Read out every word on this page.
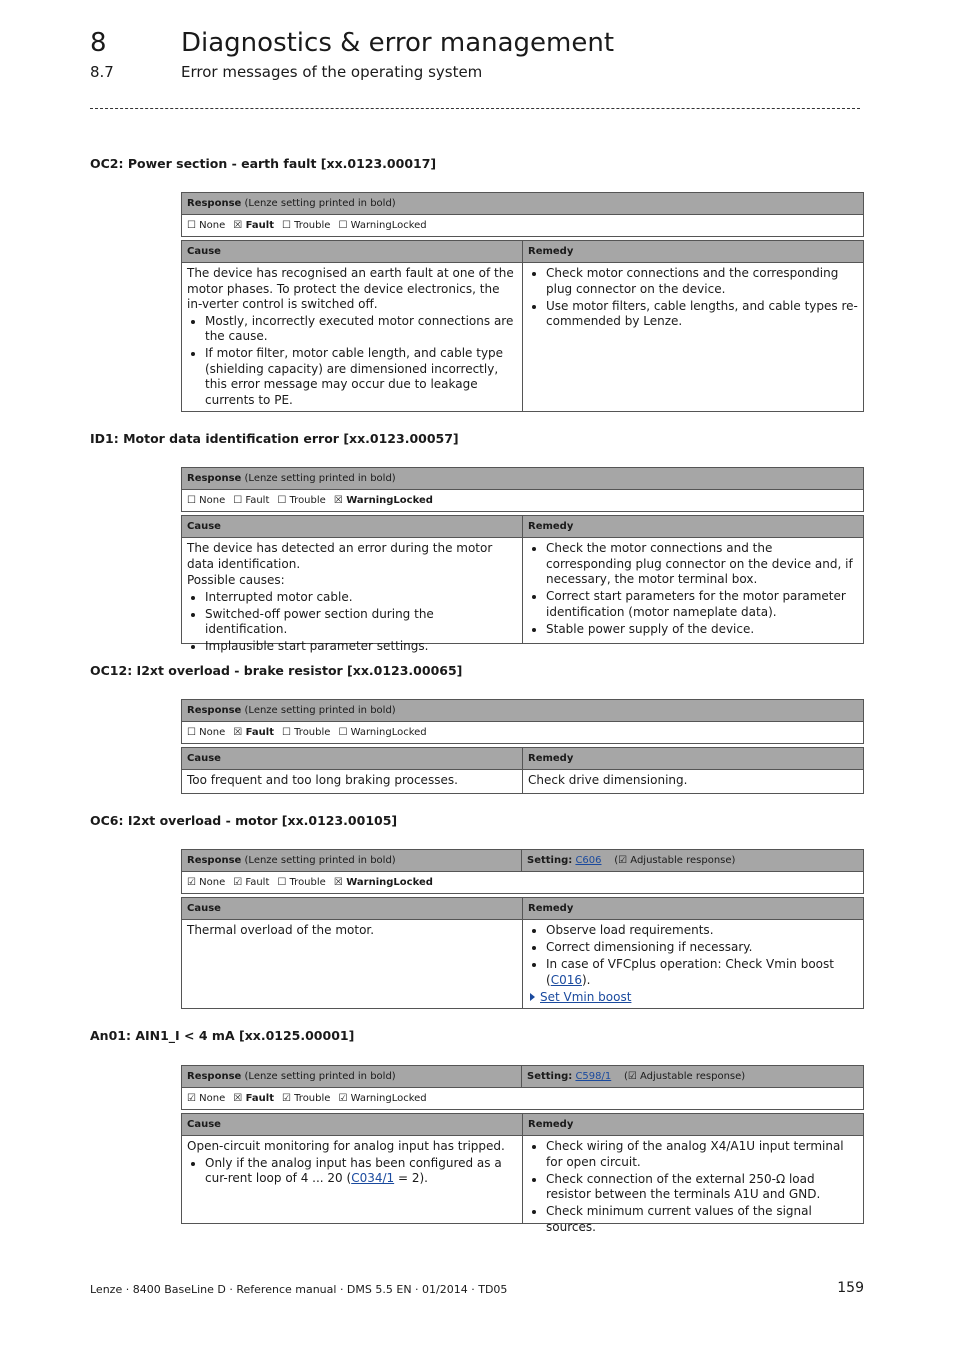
8	Diagnostics & error management
8.7	Error messages of the operating system
OC2: Power section - earth fault [xx.0123.00017]
Response (Lenze setting printed in bold)
☐ None ☒ Fault ☐ Trouble ☐ WarningLocked
Cause	Remedy

The device has recognised an earth fault at one of the motor phases. To protect the device electronics, the in-verter control is switched off.

• Mostly, incorrectly executed motor connections are the cause.
• If motor filter, motor cable length, and cable type (shielding capacity) are dimensioned incorrectly, this error message may occur due to leakage currents to PE.
• Check motor connections and the corresponding plug connector on the device.
• Use motor filters, cable lengths, and cable types re-commended by Lenze.
ID1: Motor data identification error [xx.0123.00057]
Response (Lenze setting printed in bold)
☐ None ☐ Fault ☐ Trouble ☒ WarningLocked
Cause	Remedy

The device has detected an error during the motor data identification.

Possible causes:

• Interrupted motor cable.
• Switched-off power section during the identification.
• Implausible start parameter settings.
• Check the motor connections and the corresponding plug connector on the device and, if necessary, the motor terminal box.
• Correct start parameters for the motor parameter identification (motor nameplate data).
• Stable power supply of the device.
OC12: I2xt overload - brake resistor [xx.0123.00065]
Response (Lenze setting printed in bold)
☐ None ☒ Fault ☐ Trouble ☐ WarningLocked
Cause	Remedy

Too frequent and too long braking processes.	Check drive dimensioning.

OC6: I2xt overload - motor [xx.0123.00105]
Response
(Lenze setting printed in bold)	Setting: C606 (☑ Adjustable response)
☑ None ☑ Fault ☐ Trouble ☒ WarningLocked
Cause	Remedy

Thermal overload of the motor.

•	Observe load requirements.
• Correct dimensioning if necessary.
• In case of VFCplus operation: Check Vmin boost (C016).
Set Vmin boost
An01: AIN1_I < 4 mA [xx.0125.00001]
Response
(Lenze setting printed in bold)	Setting: C598/1 (☑ Adjustable response)
☑ None ☒ Fault ☑ Trouble ☑ WarningLocked
Cause	Remedy

Open-circuit monitoring for analog input has tripped.

• Only if the analog input has been configured as a cur-rent loop of 4 ... 20 (C034/1 = 2).
• Check wiring of the analog X4/A1U input terminal for open circuit.
• Check connection of the external 250-Ω load resistor between the terminals A1U and GND.
• Check minimum current values of the signal sources.
Lenze · 8400 BaseLine D · Reference manual · DMS 5.5 EN · 01/2014 · TD05	159
